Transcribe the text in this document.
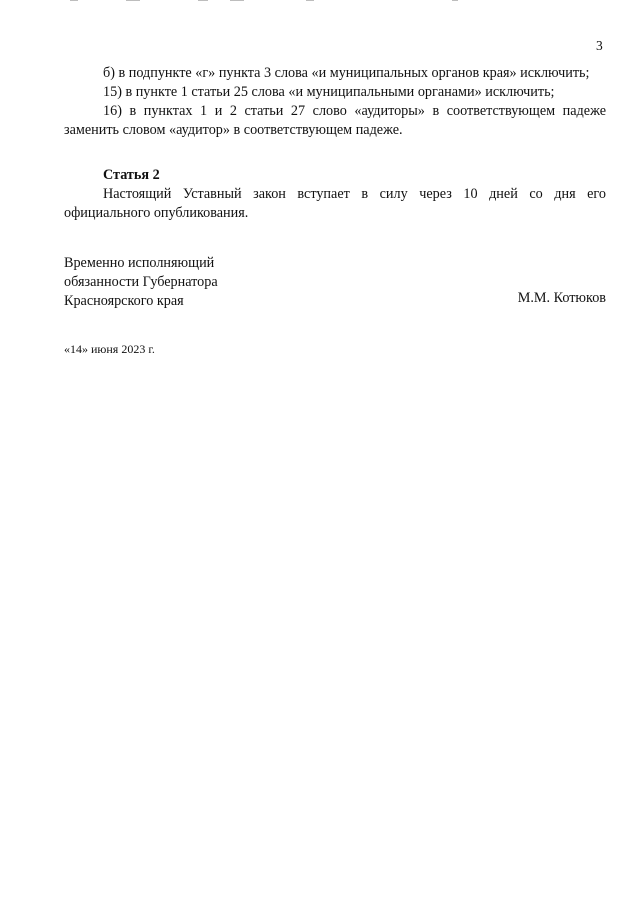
3

б) в подпункте «г» пункта 3 слова «и муниципальных органов края» исключить;

15) в пункте 1 статьи 25 слова «и муниципальными органами» исключить;

16) в пунктах 1 и 2 статьи 27 слово «аудиторы» в соответствующем падеже заменить словом «аудитор» в соответствующем падеже.

Статья 2

Настоящий Уставный закон вступает в силу через 10 дней со дня его официального опубликования.

Временно исполняющий
обязанности Губернатора
Красноярского края	М.М. Котюков
«14» июня 2023 г.
